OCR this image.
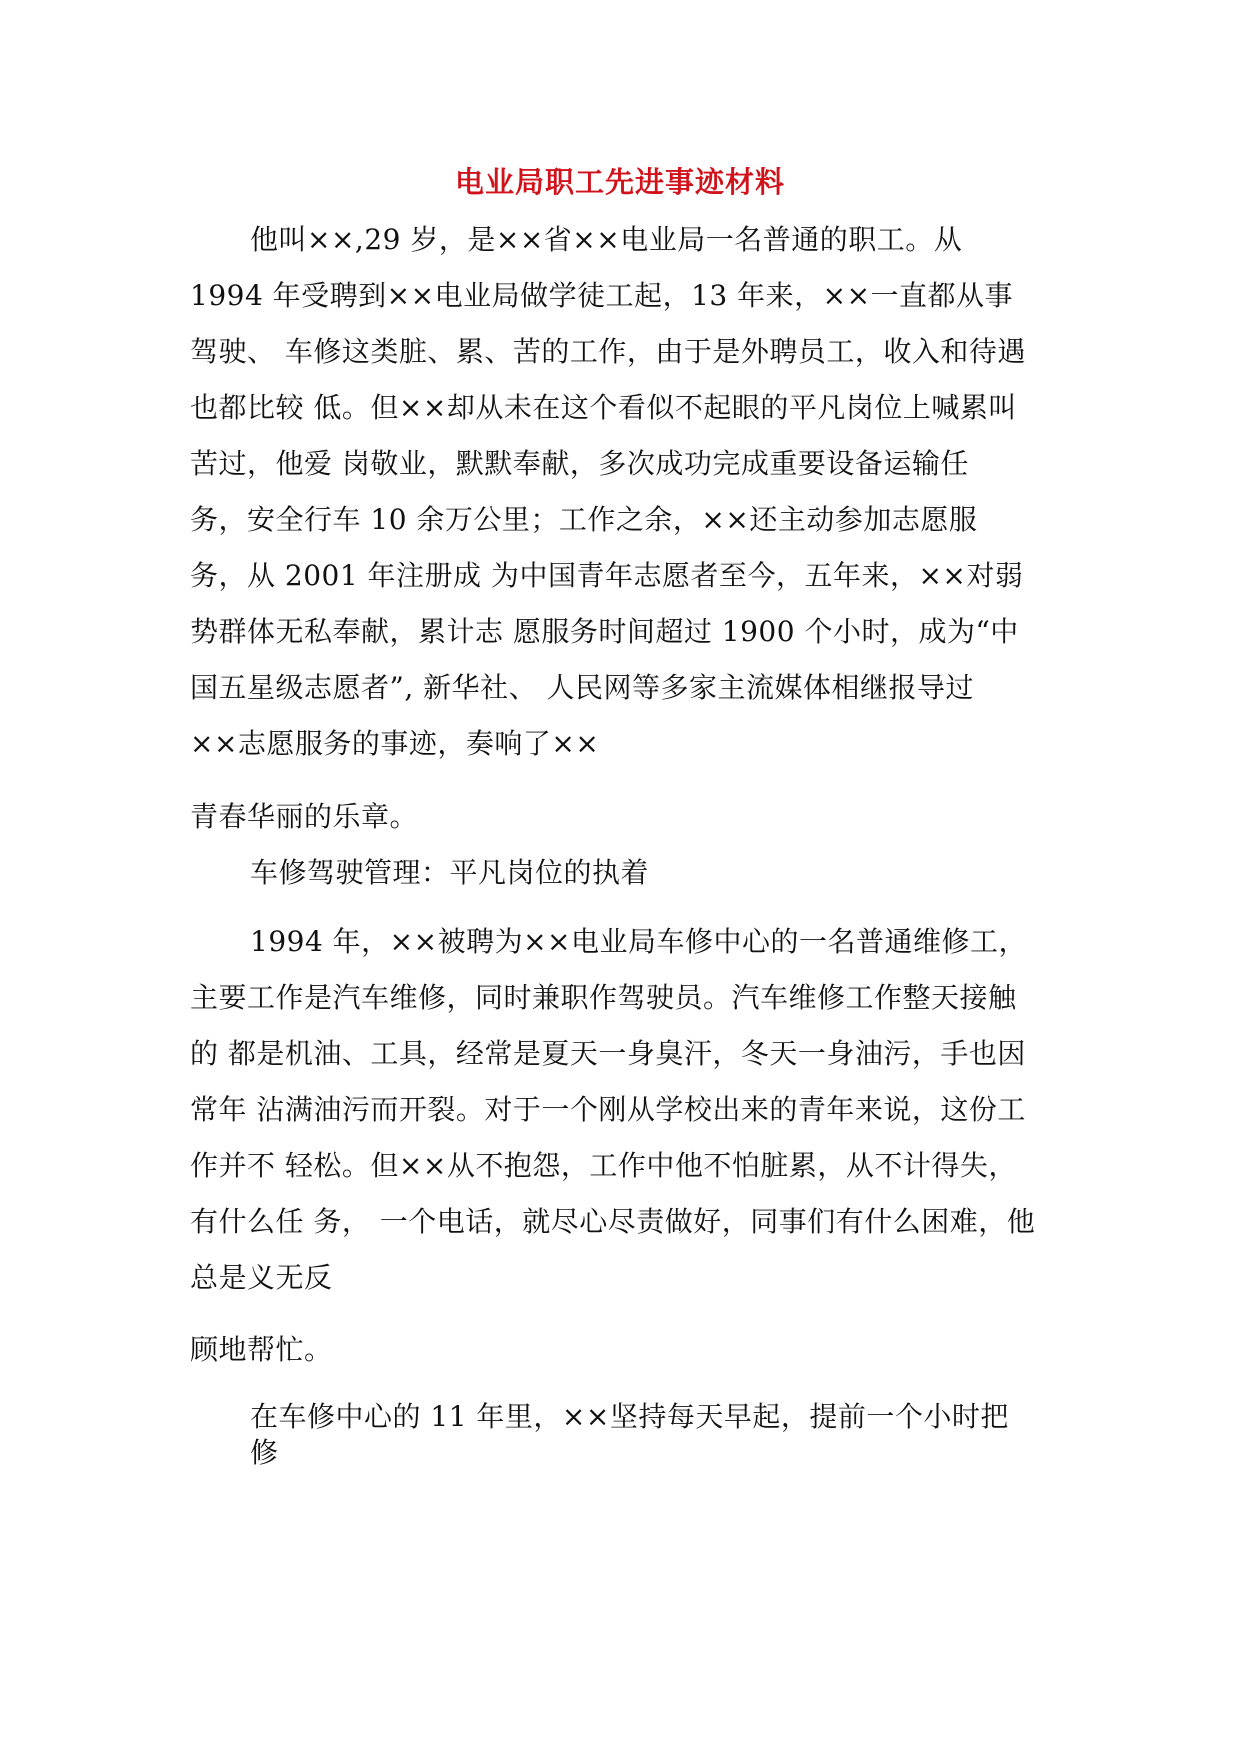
电业局职工先进事迹材料
他叫××,29 岁，是××省××电业局一名普通的职工。从
1994 年受聘到××电业局做学徒工起，13 年来，××一直都从事
驾驶、 车修这类脏、累、苦的工作，由于是外聘员工，收入和待遇
也都比较 低。但××却从未在这个看似不起眼的平凡岗位上喊累叫
苦过，他爱 岗敬业，默默奉献，多次成功完成重要设备运输任
务，安全行车 10 余万公里；工作之余，××还主动参加志愿服
务，从 2001 年注册成 为中国青年志愿者至今，五年来，××对弱
势群体无私奉献，累计志 愿服务时间超过 1900 个小时，成为“中
国五星级志愿者”, 新华社、 人民网等多家主流媒体相继报导过
××志愿服务的事迹，奏响了××
青春华丽的乐章。
车修驾驶管理：平凡岗位的执着
1994 年，××被聘为××电业局车修中心的一名普通维修工，
主要工作是汽车维修，同时兼职作驾驶员。汽车维修工作整天接触
的 都是机油、工具，经常是夏天一身臭汗，冬天一身油污，手也因
常年 沾满油污而开裂。对于一个刚从学校出来的青年来说，这份工
作并不 轻松。但××从不抱怨，工作中他不怕脏累，从不计得失，
有什么任 务， 一个电话，就尽心尽责做好，同事们有什么困难，他
总是义无反
顾地帮忙。
在车修中心的 11 年里，××坚持每天早起，提前一个小时把
修
